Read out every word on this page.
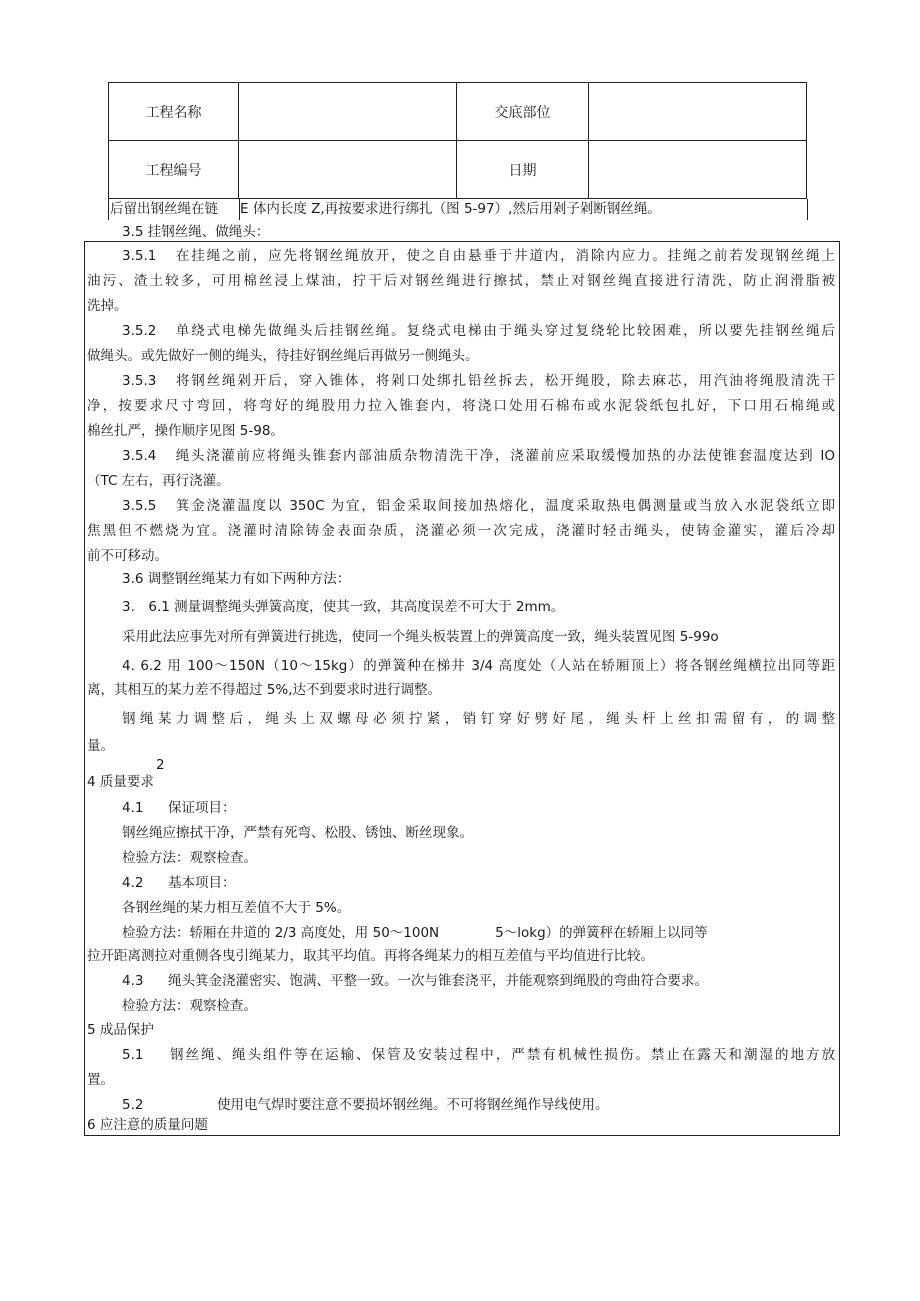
工程名称		交底部位	
工程编号		日期	
后留出钢丝绳在链	E 体内长度 Z,再按要求进行绑扎（图 5-97）,然后用剁子剁断钢丝绳。
3.5 挂钢丝绳、做绳头：
3.5.1 在挂绳之前，应先将钢丝绳放开，使之自由悬垂于井道内，消除内应力。挂绳之前若发现钢丝绳上
油污、渣土较多，可用棉丝浸上煤油，拧干后对钢丝绳进行擦拭，禁止对钢丝绳直接进行清洗，防止润滑脂被
洗掉。
3.5.2 单绕式电梯先做绳头后挂钢丝绳。复绕式电梯由于绳头穿过复绕轮比较困难，所以要先挂钢丝绳后
做绳头。或先做好一侧的绳头，待挂好钢丝绳后再做另一侧绳头。
3.5.3 将钢丝绳剁开后，穿入锥体，将剁口处绑扎铅丝拆去，松开绳股，除去麻芯，用汽油将绳股清洗干
净，按要求尺寸弯回，将弯好的绳股用力拉入锥套内，将浇口处用石棉布或水泥袋纸包扎好，下口用石棉绳或
棉丝扎严，操作顺序见图 5-98。
3.5.4 绳头浇灌前应将绳头锥套内部油质杂物清洗干净，浇灌前应采取缓慢加热的办法使锥套温度达到 IO
（TC 左右，再行浇灌。
3.5.5 箕金浇灌温度以 350C 为宜，铝金采取间接加热熔化，温度采取热电偶测量或当放入水泥袋纸立即
焦黑但不燃烧为宜。浇灌时清除铸金表面杂质，浇灌必须一次完成，浇灌时轻击绳头，使铸金灌实，灌后冷却
前不可移动。
3.6 调整钢丝绳某力有如下两种方法：
3.　6.1 测量调整绳头弹簧高度，使其一致，其高度误差不可大于 2mm。
采用此法应事先对所有弹簧进行挑选，使同一个绳头板装置上的弹簧高度一致，绳头装置见图 5-99o
4. 6.2 用 100～150N（10～15kg）的弹簧种在梯井 3/4 高度处（人站在轿厢顶上）将各钢丝绳横拉出同等距
离，其相互的某力差不得超过 5%,达不到要求时进行调整。
钢绳某力调整后，绳头上双螺母必须拧紧，销钉穿好劈好尾，绳头杆上丝扣需留有，的调整
量。
2
4 质量要求
4.1 保证项目：
钢丝绳应擦拭干净，严禁有死弯、松股、锈蚀、断丝现象。
检验方法：观察检查。
4.2 基本项目：
各钢丝绳的某力相互差值不大于 5%。
检验方法：轿厢在井道的 2/3 高度处，用 50～100N	5～lokg）的弹簧秤在轿厢上以同等
拉开距离测拉对重侧各曳引绳某力，取其平均值。再将各绳某力的相互差值与平均值进行比较。
4.3 绳头箕金浇灌密实、饱满、平整一致。一次与锥套浇平，并能观察到绳股的弯曲符合要求。
检验方法：观察检查。
5 成品保护
5.1 钢丝绳、绳头组件等在运输、保管及安装过程中，严禁有机械性损伤。禁止在露天和潮湿的地方放
置。
5.2	使用电气焊时要注意不要损坏钢丝绳。不可将钢丝绳作导线使用。
6 应注意的质量问题
